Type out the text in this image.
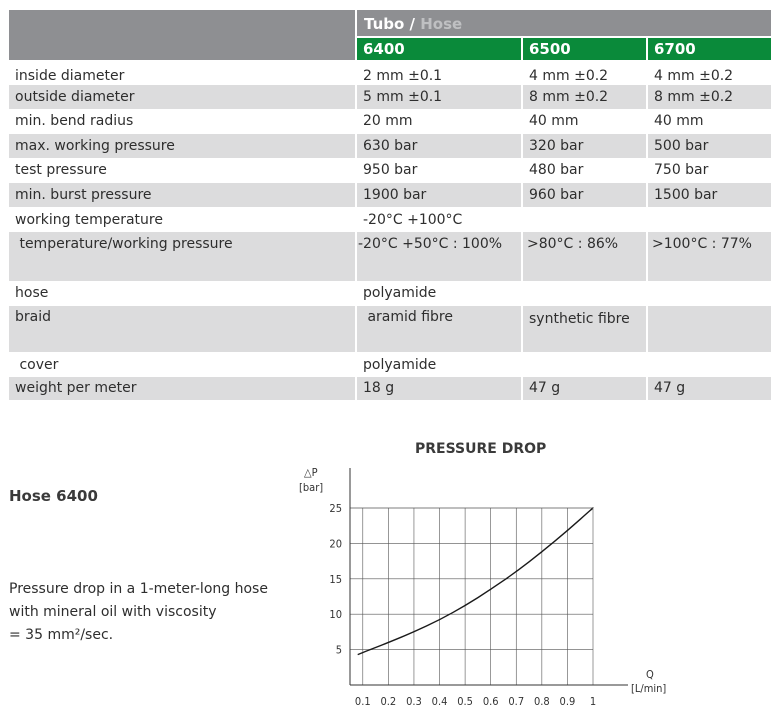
Tubo / Hose
6400	6500	6700
inside diameter	2 mm ±0.1	4 mm ±0.2	4 mm ±0.2
outside diameter	5 mm ±0.1	8 mm ±0.2	8 mm ±0.2
min. bend radius	20 mm	40 mm	40 mm
max. working pressure	630 bar	320 bar	500 bar
test pressure	950 bar	480 bar	750 bar
min. burst pressure	1900 bar	960 bar	1500 bar
working temperature	-20°C +100°C
temperature/working pressure	-20°C +50°C : 100%	>80°C : 86%	>100°C : 77%
hose	polyamide
braid	aramid fibre	synthetic fibre
cover	polyamide
weight per meter	18 g	47 g	47 g
Hose 6400
Pressure drop in a 1-meter-long hose
with mineral oil with viscosity
= 35 mm²/sec.
PRESSURE DROP
0.1 0.2 0.3 0.4 0.5 0.6 0.7 0.8 0.9 1
5
10
15
20
25
△P
[bar]
Q
[L/min]
